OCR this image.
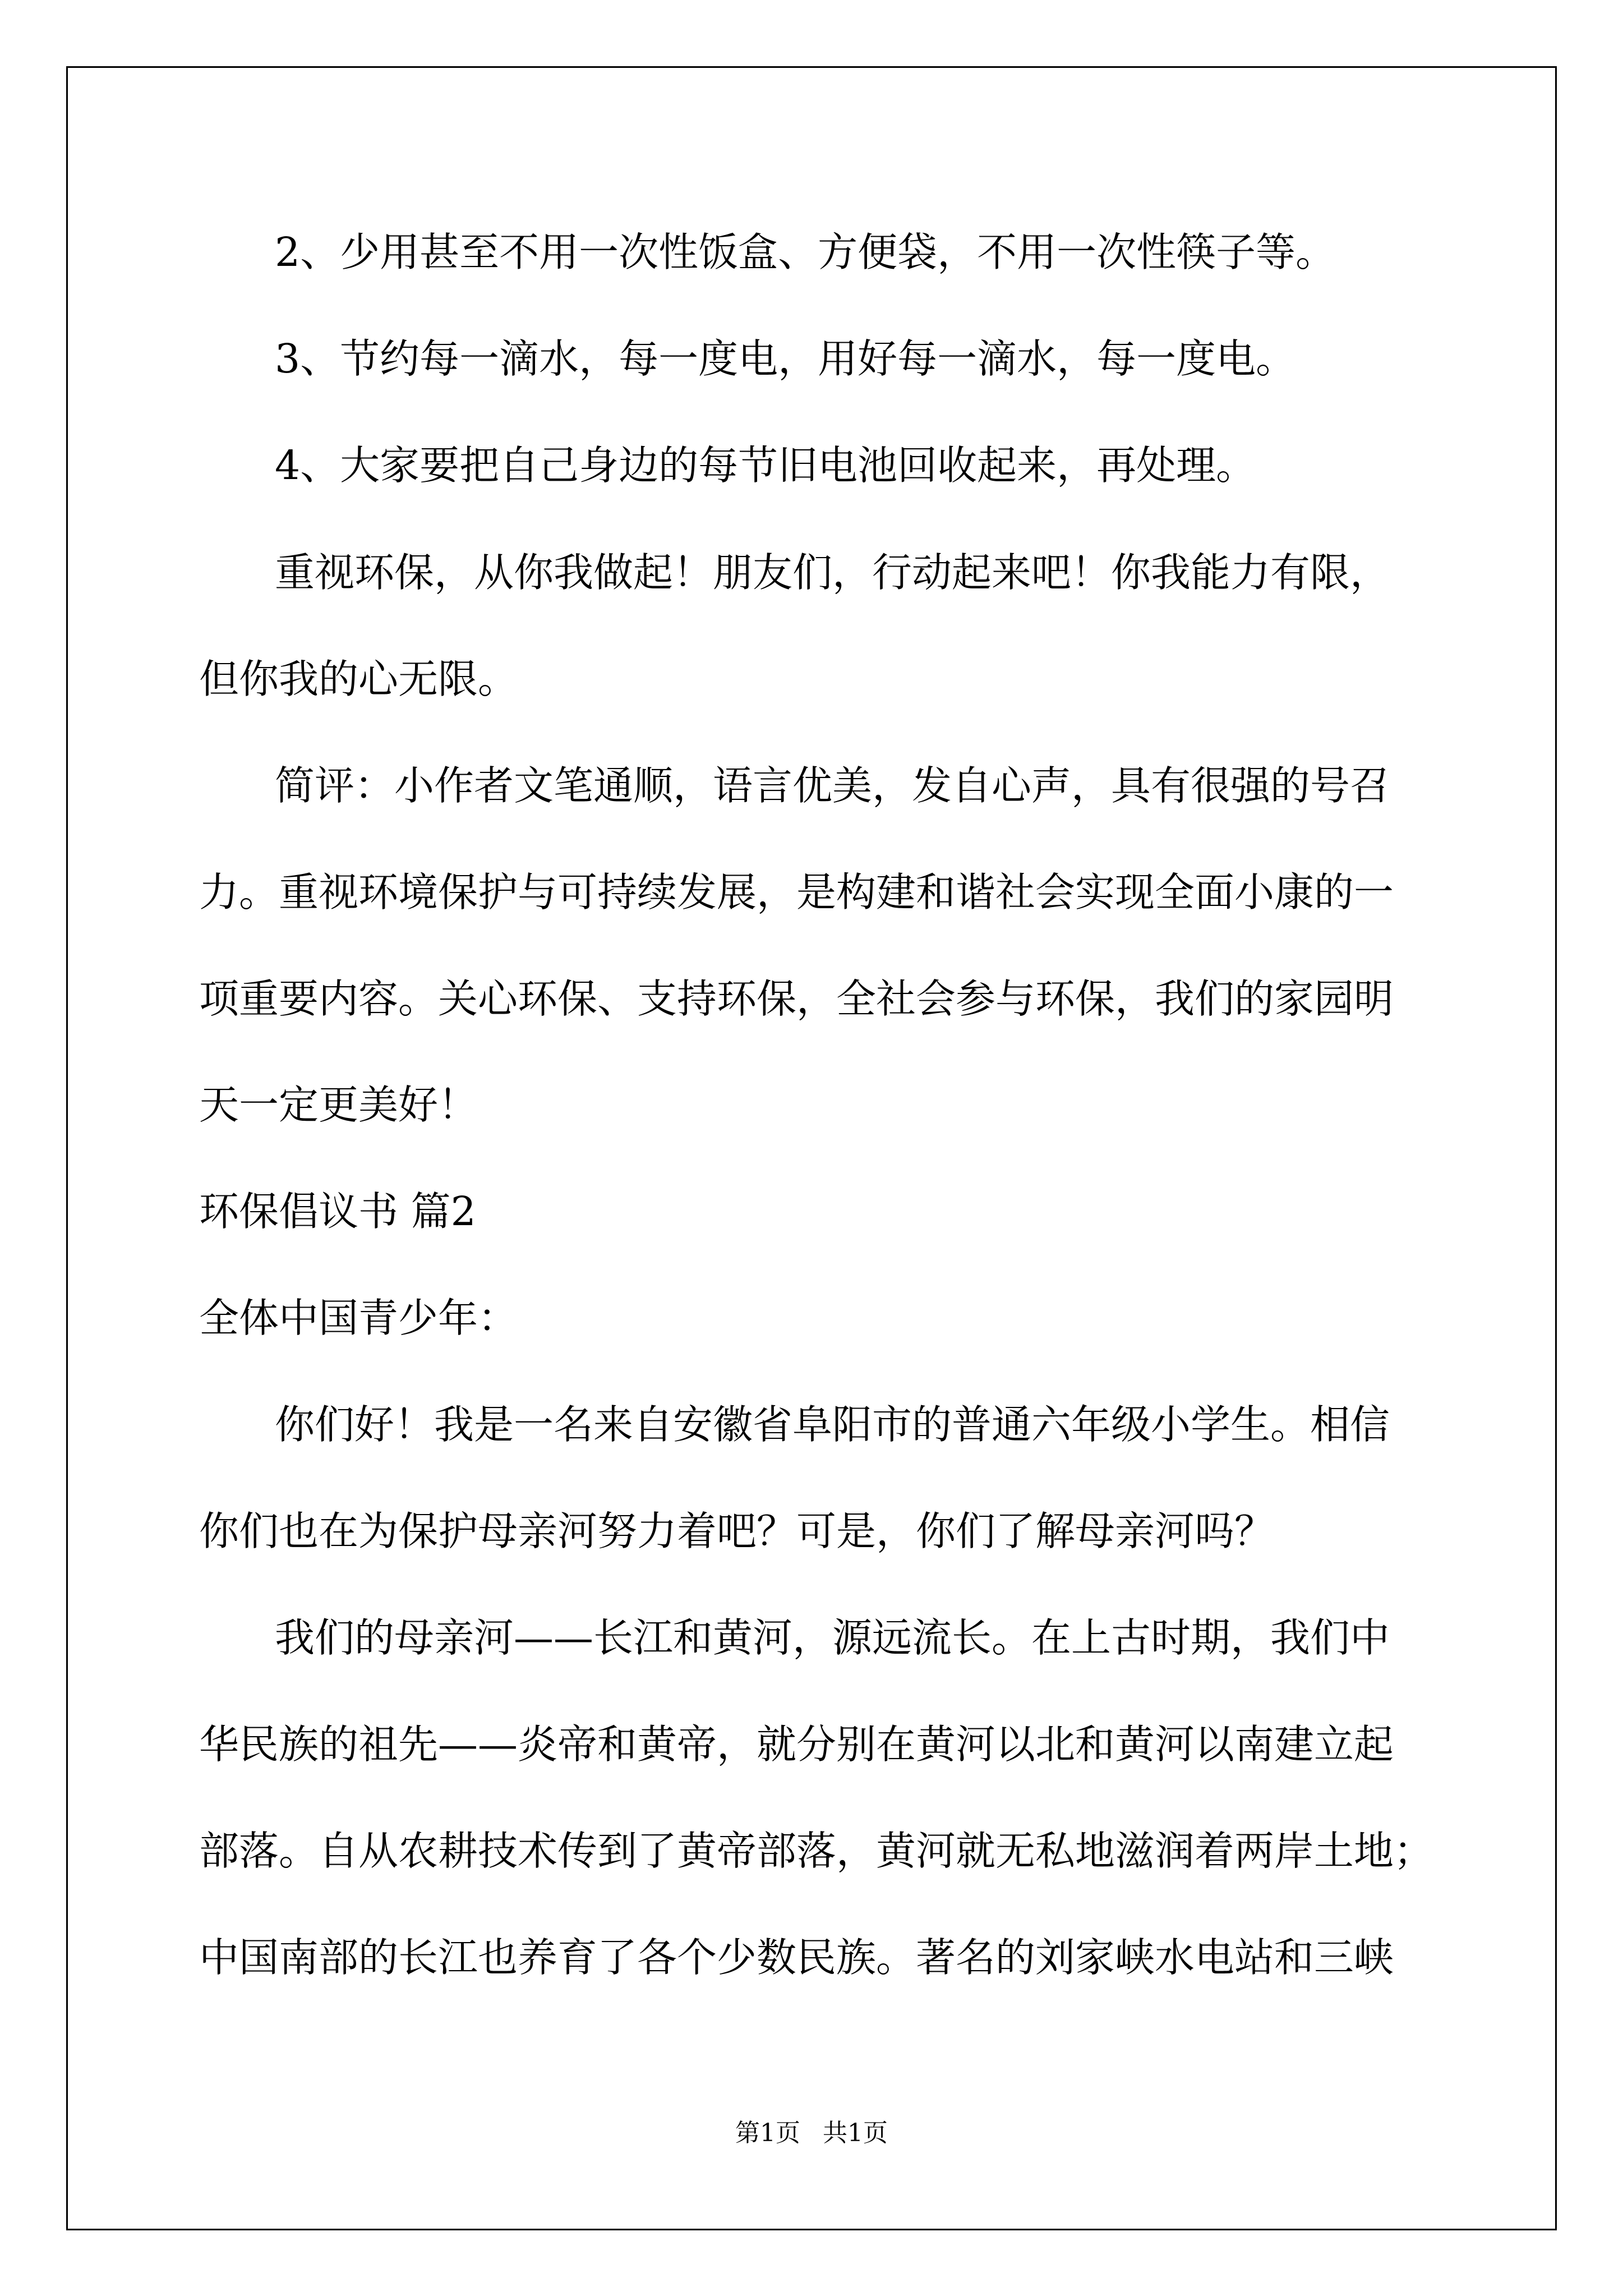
2、少用甚至不用一次性饭盒、方便袋，不用一次性筷子等。
3、节约每一滴水，每一度电，用好每一滴水，每一度电。
4、大家要把自己身边的每节旧电池回收起来，再处理。
重视环保，从你我做起！朋友们，行动起来吧！你我能力有限，
但你我的心无限。
简评：小作者文笔通顺，语言优美，发自心声，具有很强的号召
力。重视环境保护与可持续发展，是构建和谐社会实现全面小康的一
项重要内容。关心环保、支持环保，全社会参与环保，我们的家园明
天一定更美好！
环保倡议书 篇2
全体中国青少年：
你们好！我是一名来自安徽省阜阳市的普通六年级小学生。相信
你们也在为保护母亲河努力着吧？可是，你们了解母亲河吗？
我们的母亲河——长江和黄河，源远流长。在上古时期，我们中
华民族的祖先——炎帝和黄帝，就分别在黄河以北和黄河以南建立起
部落。自从农耕技术传到了黄帝部落，黄河就无私地滋润着两岸土地；
中国南部的长江也养育了各个少数民族。著名的刘家峡水电站和三峡
第1页 共1页
